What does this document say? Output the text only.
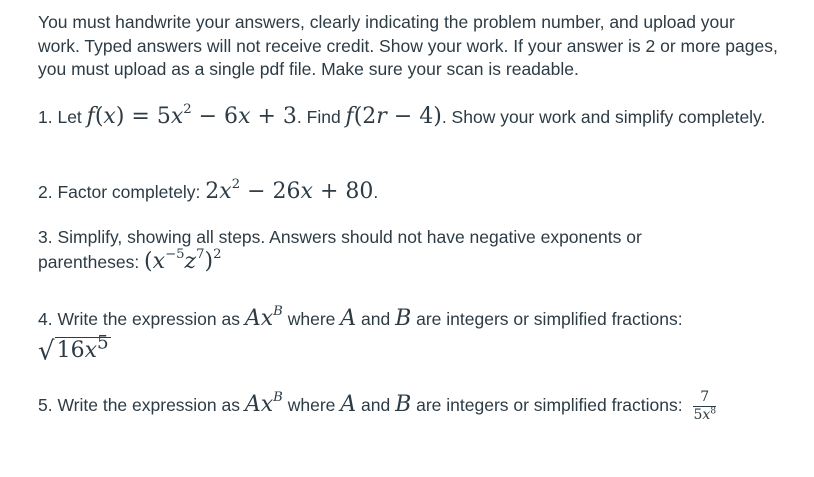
You must handwrite your answers, clearly indicating the problem number, and upload your work. Typed answers will not receive credit. Show your work. If your answer is 2 or more pages, you must upload as a single pdf file. Make sure your scan is readable.
1. Let $f(x) = 5x^2 - 6x + 3$. Find f(2r − 4). Show your work and simplify completely.
2. Factor completely: $2x^2 - 26x + 80$.
3. Simplify, showing all steps. Answers should not have negative exponents or parentheses: $(x^{-5}z^7)^2$
4. Write the expression as $Ax^B$ where A and B are integers or simplified fractions: $√16x^5$
5. Write the expression as $Ax^B$ where A and B are integers or simplified fractions: $\frac{7}{5x^8}$
